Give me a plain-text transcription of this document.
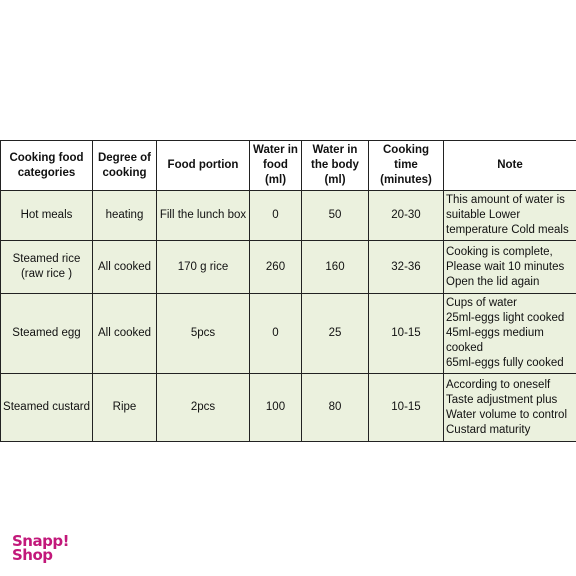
Cooking food categories	Degree of cooking	Food portion	Water in food (ml)	Water in the body (ml)	Cooking time (minutes)	Note
Hot meals	heating	Fill the lunch box	0	50	20-30	This amount of water is
suitable Lower
temperature Cold meals

Steamed rice (raw rice )	All cooked	170 g rice	260	160	32-36	Cooking is complete,
Please wait 10 minutes
Open the lid again

Steamed egg	All cooked	5pcs	0	25	10-15	Cups of water
25ml-eggs light cooked
45ml-eggs medium
cooked
65ml-eggs fully cooked

Steamed custard	Ripe	2pcs	100	80	10-15	According to oneself
Taste adjustment plus
Water volume to control
Custard maturity
Snapp!
Shop
